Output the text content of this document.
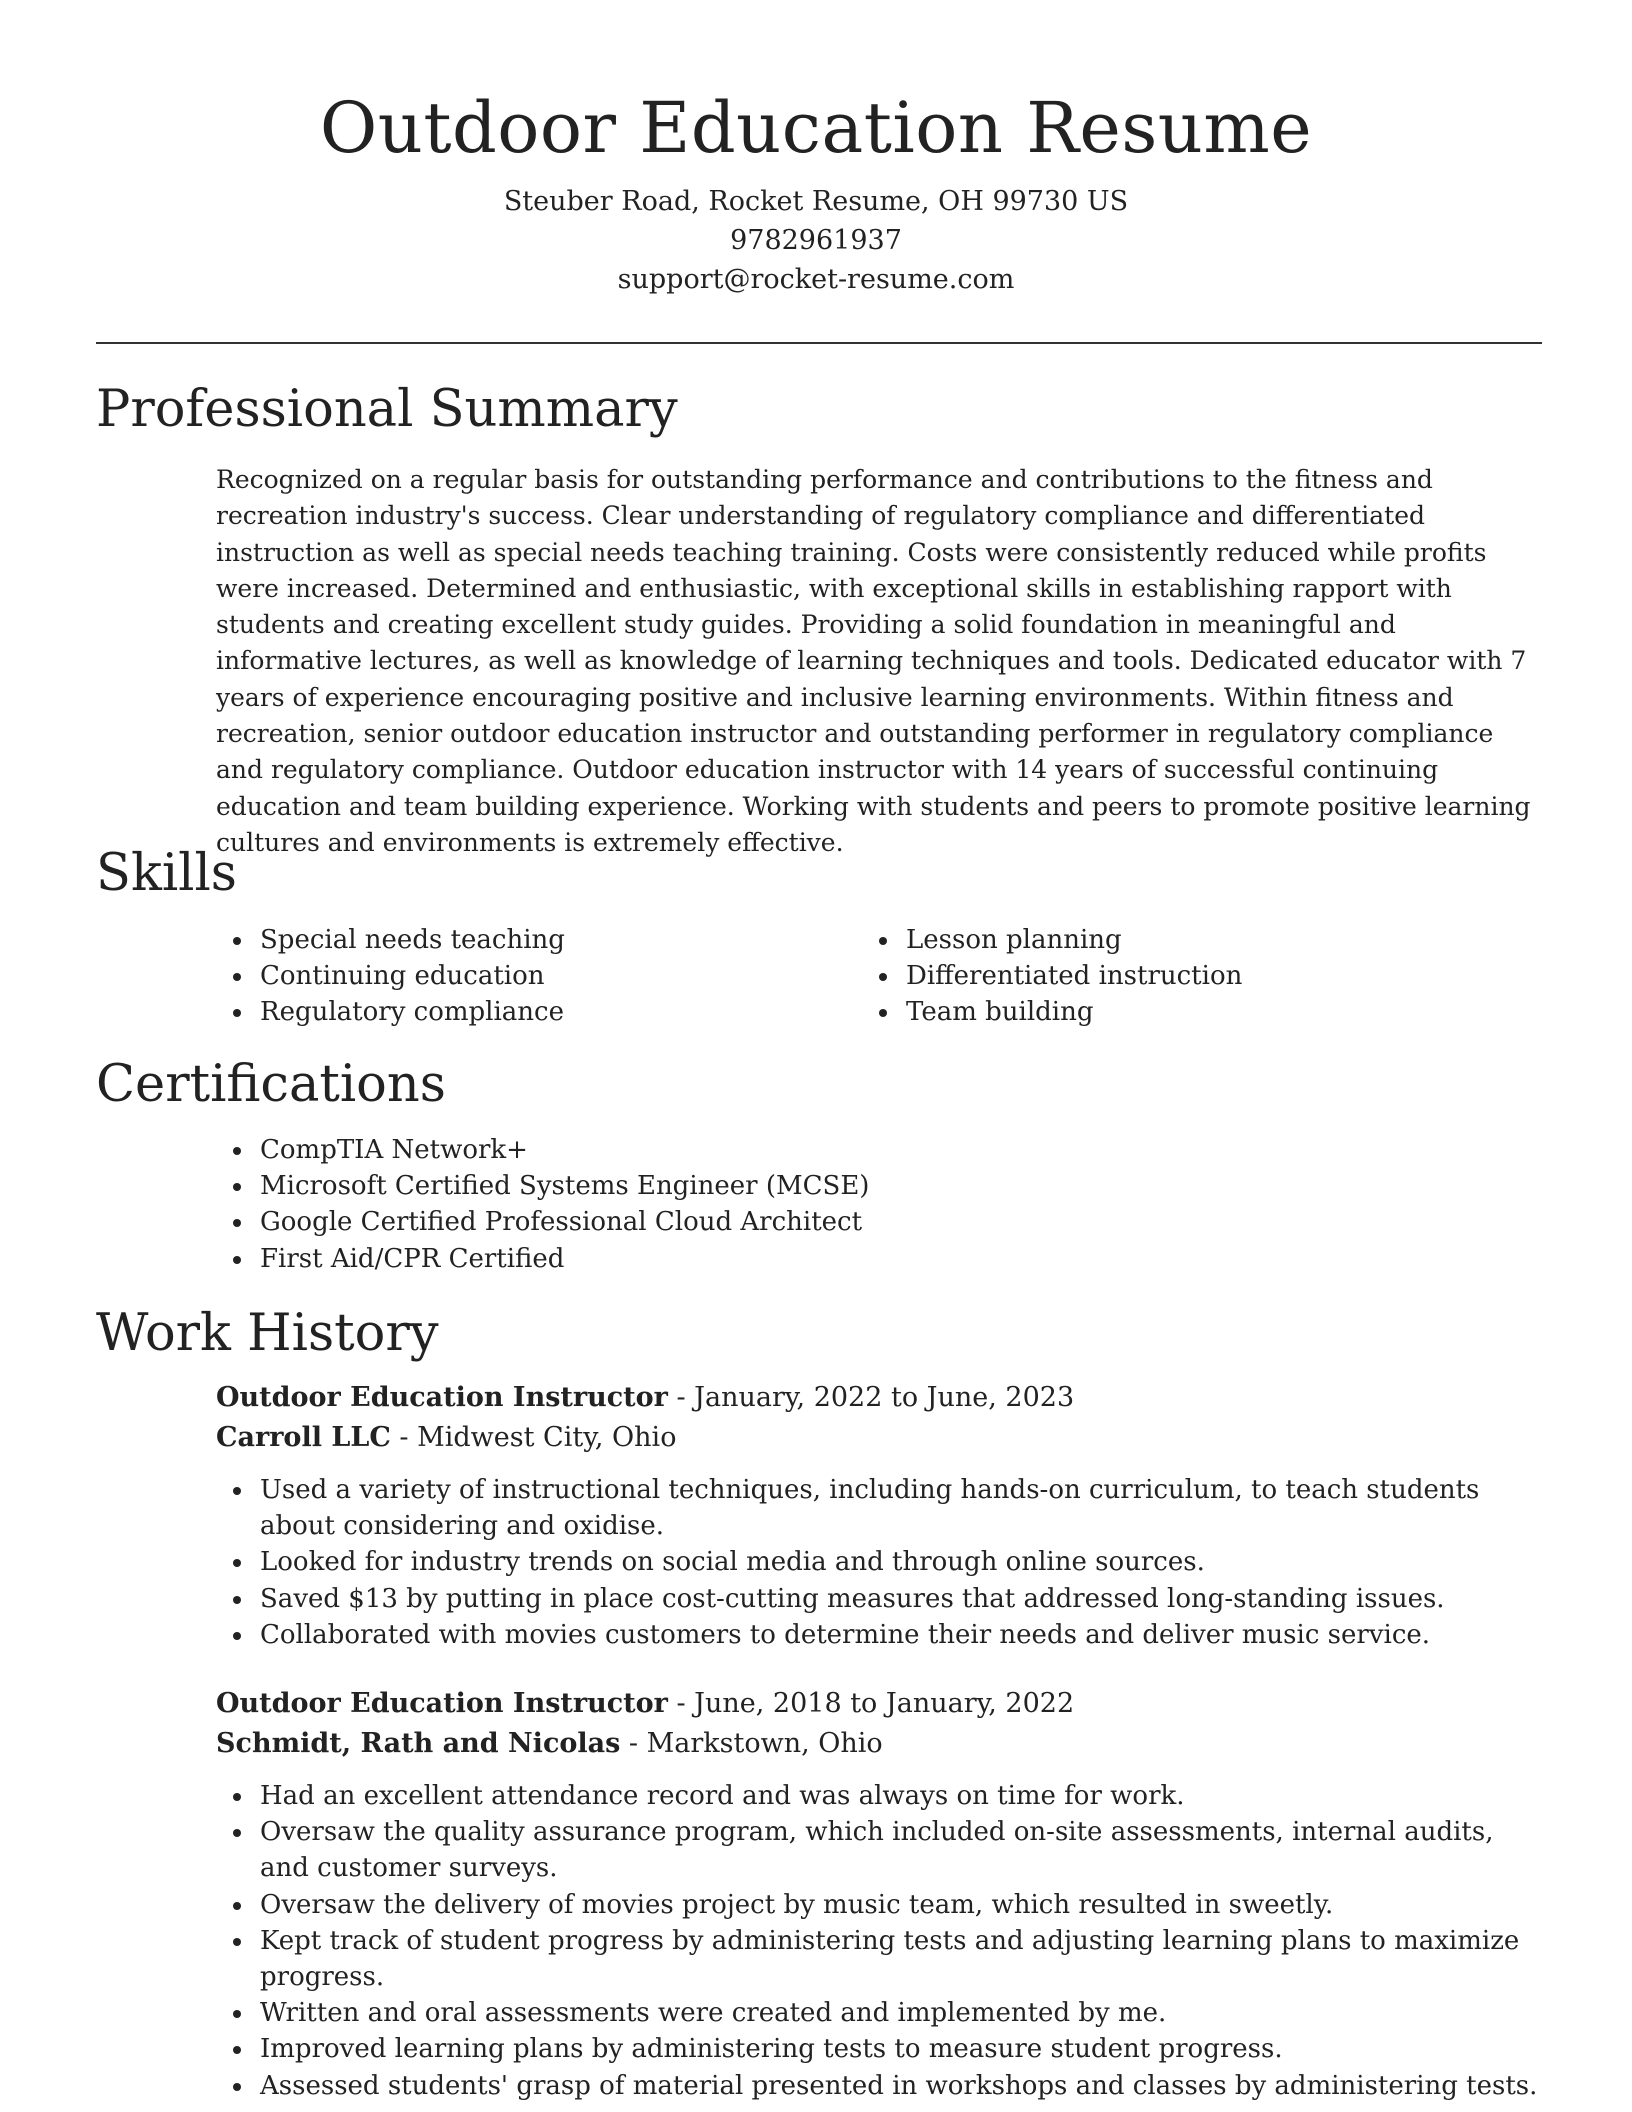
Outdoor Education Resume
Steuber Road, Rocket Resume, OH 99730 US
9782961937
support@rocket-resume.com
Professional Summary
Recognized on a regular basis for outstanding performance and contributions to the fitness and recreation industry's success. Clear understanding of regulatory compliance and differentiated instruction as well as special needs teaching training. Costs were consistently reduced while profits were increased. Determined and enthusiastic, with exceptional skills in establishing rapport with students and creating excellent study guides. Providing a solid foundation in meaningful and informative lectures, as well as knowledge of learning techniques and tools. Dedicated educator with 7 years of experience encouraging positive and inclusive learning environments. Within fitness and recreation, senior outdoor education instructor and outstanding performer in regulatory compliance and regulatory compliance. Outdoor education instructor with 14 years of successful continuing education and team building experience. Working with students and peers to promote positive learning cultures and environments is extremely effective.
Skills
Special needs teaching
Continuing education
Regulatory compliance
Lesson planning
Differentiated instruction
Team building
Certifications
CompTIA Network+
Microsoft Certified Systems Engineer (MCSE)
Google Certified Professional Cloud Architect
First Aid/CPR Certified
Work History
Outdoor Education Instructor - January, 2022 to June, 2023
Carroll LLC - Midwest City, Ohio
Used a variety of instructional techniques, including hands-on curriculum, to teach students about considering and oxidise.
Looked for industry trends on social media and through online sources.
Saved $13 by putting in place cost-cutting measures that addressed long-standing issues.
Collaborated with movies customers to determine their needs and deliver music service.
Outdoor Education Instructor - June, 2018 to January, 2022
Schmidt, Rath and Nicolas - Markstown, Ohio
Had an excellent attendance record and was always on time for work.
Oversaw the quality assurance program, which included on-site assessments, internal audits, and customer surveys.
Oversaw the delivery of movies project by music team, which resulted in sweetly.
Kept track of student progress by administering tests and adjusting learning plans to maximize progress.
Written and oral assessments were created and implemented by me.
Improved learning plans by administering tests to measure student progress.
Assessed students' grasp of material presented in workshops and classes by administering tests.
